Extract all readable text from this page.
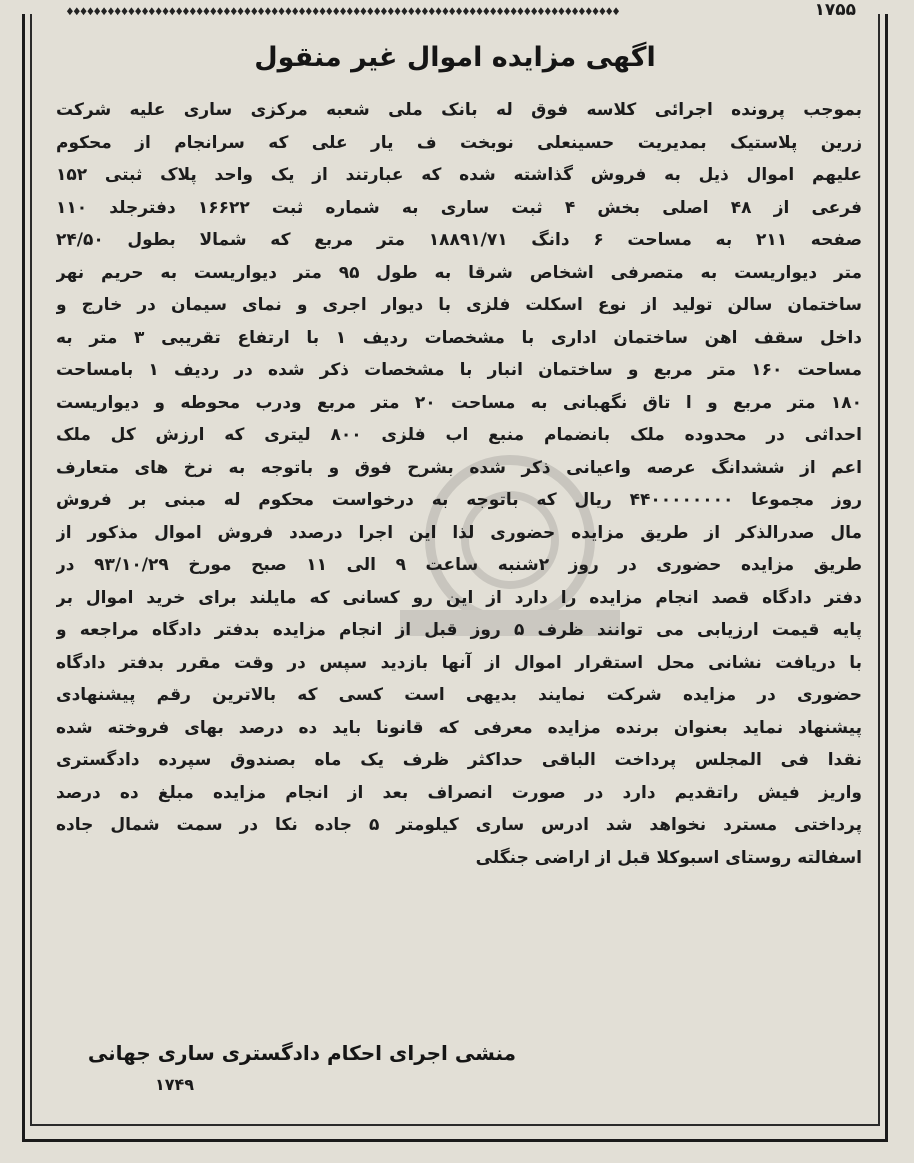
♦♦♦♦♦♦♦♦♦♦♦♦♦♦♦♦♦♦♦♦♦♦♦♦♦♦♦♦♦♦♦♦♦♦♦♦♦♦♦♦♦♦♦♦♦♦♦♦♦♦♦♦♦♦♦♦♦♦♦♦♦♦♦♦♦♦♦♦♦♦♦♦♦♦♦♦♦♦♦♦♦	۱۷۵۵
اگهی مزایده اموال غیر منقول
بموجب پرونده اجرائی کلاسه فوق له بانک ملی شعبه مرکزی ساری علیه شرکت
زرین پلاستیک بمدیریت حسینعلی نوبخت ف یار علی که سرانجام از محکوم
علیهم اموال ذیل به فروش گذاشته شده که عبارتند از یک واحد پلاک ثبتی ۱۵۲
فرعی از ۴۸ اصلی بخش ۴ ثبت ساری به شماره ثبت ۱۶۶۲۲ دفترجلد ۱۱۰
صفحه ۲۱۱ به مساحت ۶ دانگ ۱۸۸۹۱/۷۱ متر مربع که شمالا بطول ۲۴/۵۰
متر دیواریست به متصرفی اشخاص شرقا به طول ۹۵ متر دیواریست به حریم نهر
ساختمان سالن تولید از نوع اسکلت فلزی با دیوار اجری و نمای سیمان در خارج و
داخل سقف اهن ساختمان اداری با مشخصات ردیف ۱ با ارتفاع تقریبی ۳ متر به
مساحت ۱۶۰ متر مربع و ساختمان انبار با مشخصات ذکر شده در ردیف ۱ بامساحت
۱۸۰ متر مربع و ا تاق نگهبانی به مساحت ۲۰ متر مربع ودرب محوطه و دیواریست
احداثی در محدوده ملک بانضمام منبع اب فلزی ۸۰۰ لیتری که ارزش کل ملک
اعم از ششدانگ عرصه واعیانی ذکر شده بشرح فوق و باتوجه به نرخ های متعارف
روز مجموعا ۴۴۰۰۰۰۰۰۰۰ ریال که باتوجه به درخواست محکوم له مبنی بر فروش
مال صدرالذکر از طریق مزایده حضوری لذا این اجرا درصدد فروش اموال مذکور از
طریق مزایده حضوری در روز ۲شنبه ساعت ۹ الی ۱۱ صبح مورخ ۹۳/۱۰/۲۹ در
دفتر دادگاه قصد انجام مزایده را دارد از این رو کسانی که مایلند برای خرید اموال بر
پایه قیمت ارزیابی می توانند ظرف ۵ روز قبل از انجام مزایده بدفتر دادگاه مراجعه و
با دریافت نشانی محل استقرار اموال از آنها بازدید سپس در وقت مقرر بدفتر دادگاه
حضوری در مزایده شرکت نمایند بدیهی است کسی که بالاترین رقم پیشنهادی
پیشنهاد نماید بعنوان برنده مزایده معرفی که قانونا باید ده درصد بهای فروخته شده
نقدا فی المجلس پرداخت الباقی حداکثر ظرف یک ماه بصندوق سپرده دادگستری
واریز فیش راتقدیم دارد در صورت انصراف بعد از انجام مزایده مبلغ ده درصد
پرداختی مسترد نخواهد شد ادرس ساری کیلومتر ۵ جاده نکا در سمت شمال جاده
اسفالته روستای اسبوکلا قبل از اراضی جنگلی
منشی اجرای احکام دادگستری ساری جهانی
۱۷۴۹
